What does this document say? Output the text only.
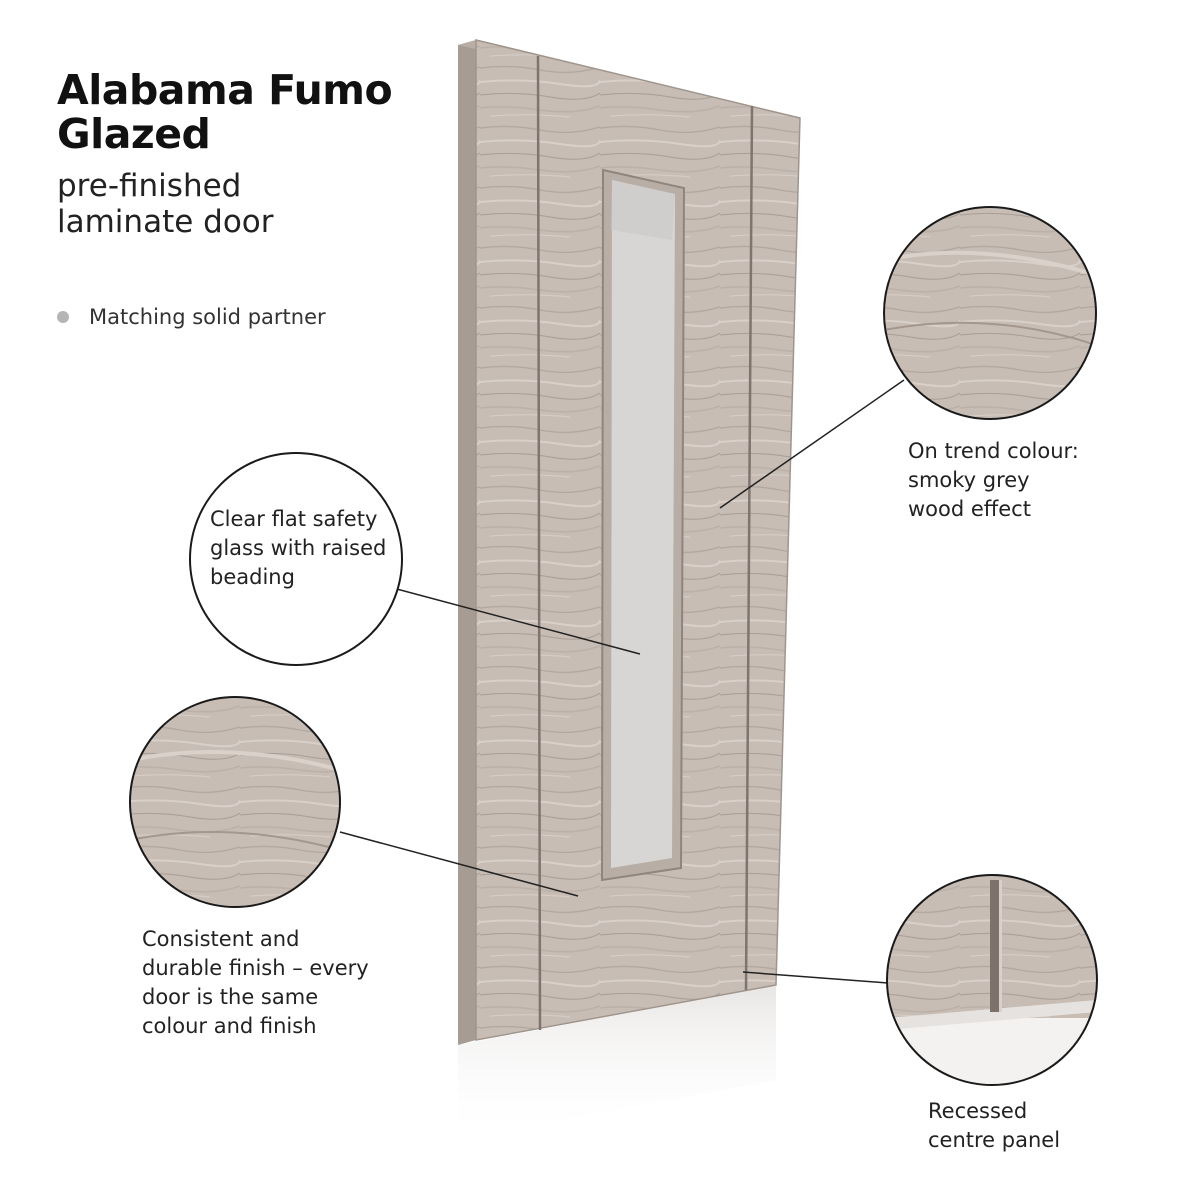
Alabama Fumo
Glazed
pre-finished
laminate door
Matching solid partner
On trend colour:
smoky grey
wood effect
Clear flat safety
glass with raised
beading
Consistent and
durable finish – every
door is the same
colour and finish
Recessed
centre panel
